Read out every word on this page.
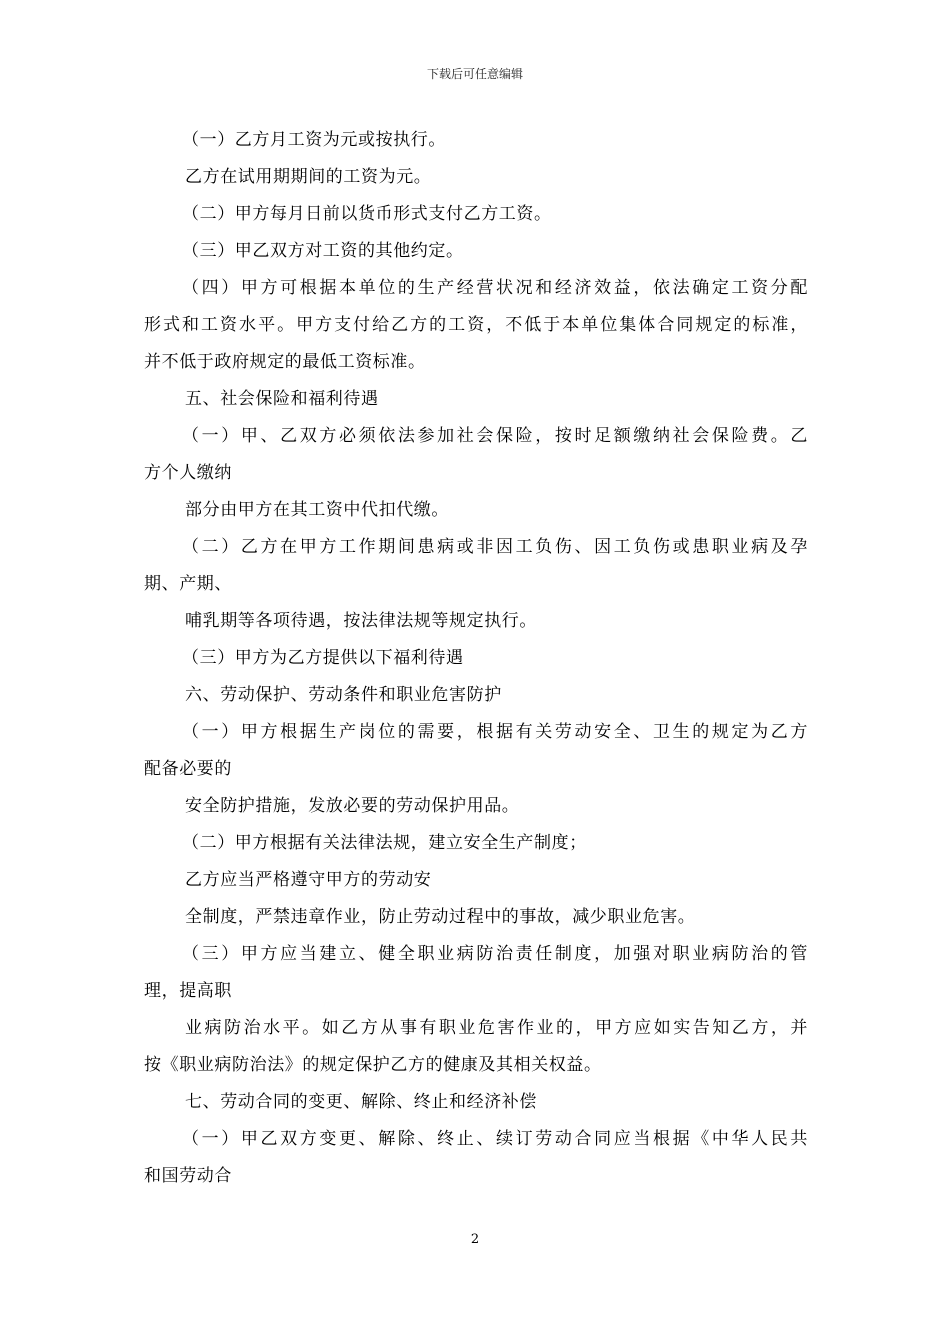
下载后可任意编辑
（一）乙方月工资为元或按执行。
乙方在试用期期间的工资为元。
（二）甲方每月日前以货币形式支付乙方工资。
（三）甲乙双方对工资的其他约定。
（四）甲方可根据本单位的生产经营状况和经济效益，依法确定工资分配
形式和工资水平。甲方支付给乙方的工资，不低于本单位集体合同规定的标准，
并不低于政府规定的最低工资标准。
五、社会保险和福利待遇
（一）甲、乙双方必须依法参加社会保险，按时足额缴纳社会保险费。乙
方个人缴纳
部分由甲方在其工资中代扣代缴。
（二）乙方在甲方工作期间患病或非因工负伤、因工负伤或患职业病及孕
期、产期、
哺乳期等各项待遇，按法律法规等规定执行。
（三）甲方为乙方提供以下福利待遇
六、劳动保护、劳动条件和职业危害防护
（一）甲方根据生产岗位的需要，根据有关劳动安全、卫生的规定为乙方
配备必要的
安全防护措施，发放必要的劳动保护用品。
（二）甲方根据有关法律法规，建立安全生产制度；
乙方应当严格遵守甲方的劳动安
全制度，严禁违章作业，防止劳动过程中的事故，减少职业危害。
（三）甲方应当建立、健全职业病防治责任制度，加强对职业病防治的管
理，提高职
业病防治水平。如乙方从事有职业危害作业的，甲方应如实告知乙方，并
按《职业病防治法》的规定保护乙方的健康及其相关权益。
七、劳动合同的变更、解除、终止和经济补偿
（一）甲乙双方变更、解除、终止、续订劳动合同应当根据《中华人民共
和国劳动合
2
